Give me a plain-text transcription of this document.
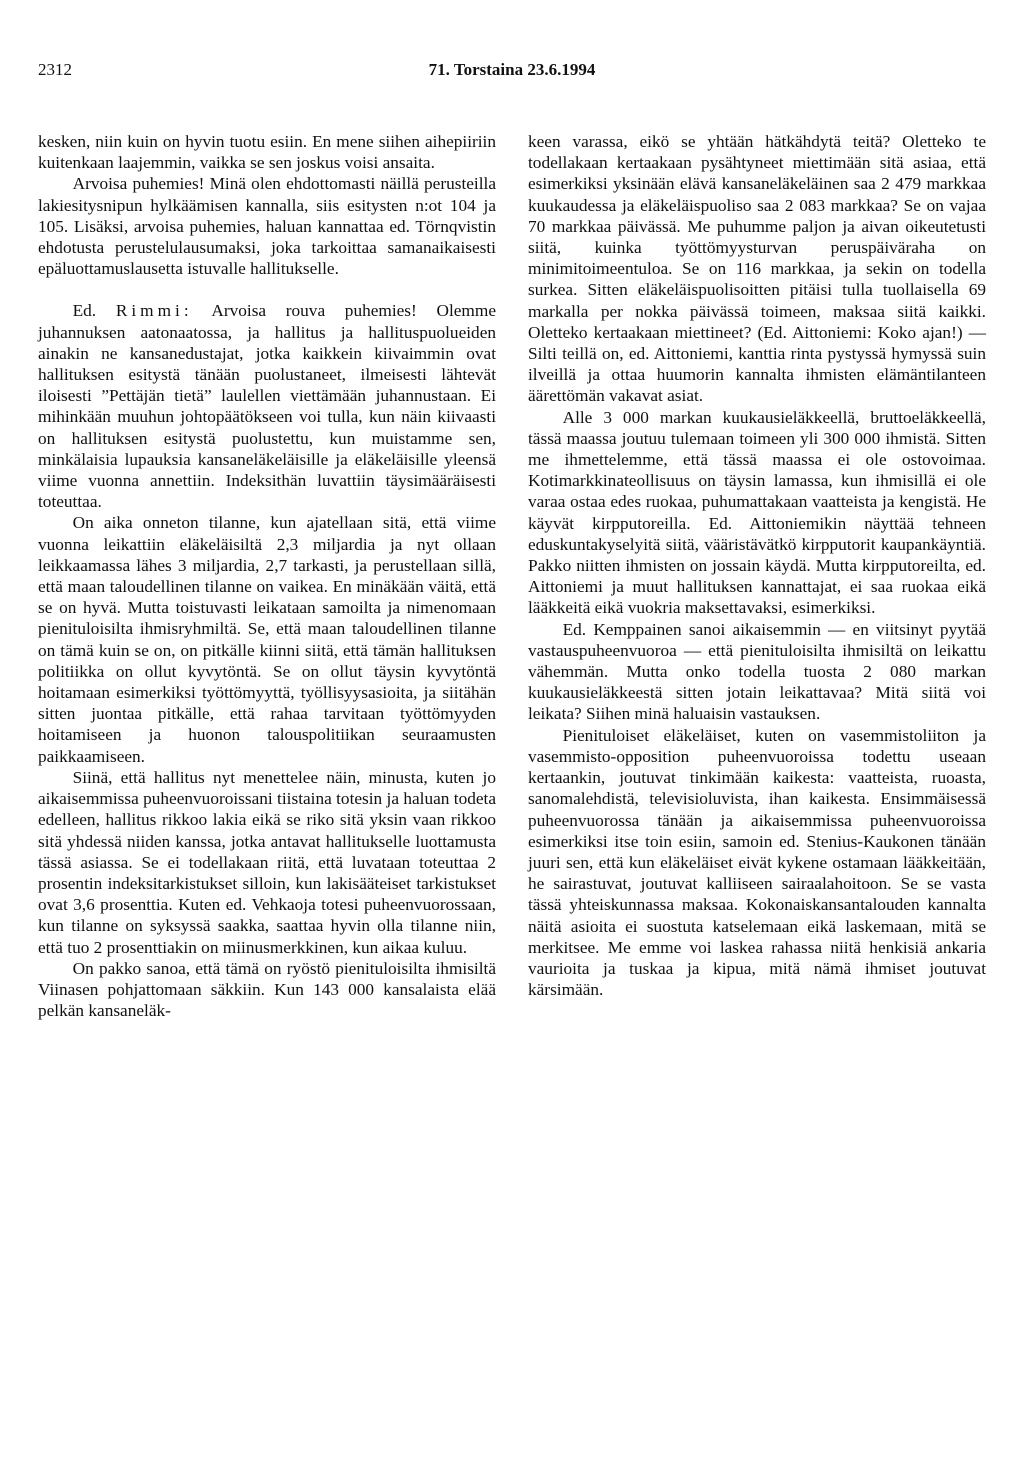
2312	71. Torstaina 23.6.1994

kesken, niin kuin on hyvin tuotu esiin. En mene siihen aihepiiriin kuitenkaan laajemmin, vaikka se sen joskus voisi ansaita.

Arvoisa puhemies! Minä olen ehdottomasti näillä perusteilla lakiesitysnipun hylkäämisen kannalla, siis esitysten n:ot 104 ja 105. Lisäksi, arvoisa puhemies, haluan kannattaa ed. Törnqvistin ehdotusta perustelulausumaksi, joka tarkoittaa samanaikaisesti epäluottamuslausetta istuvalle hallitukselle.

Ed. Rimmi: Arvoisa rouva puhemies! Olemme juhannuksen aatonaatossa, ja hallitus ja hallituspuolueiden ainakin ne kansanedustajat, jotka kaikkein kiivaimmin ovat hallituksen esitystä tänään puolustaneet, ilmeisesti lähtevät iloisesti ”Pettäjän tietä” laulellen viettämään juhannustaan. Ei mihinkään muuhun johtopäätökseen voi tulla, kun näin kiivaasti on hallituksen esitystä puolustettu, kun muistamme sen, minkälaisia lupauksia kansaneläkeläisille ja eläkeläisille yleensä viime vuonna annettiin. Indeksithän luvattiin täysimääräisesti toteuttaa.

On aika onneton tilanne, kun ajatellaan sitä, että viime vuonna leikattiin eläkeläisiltä 2,3 miljardia ja nyt ollaan leikkaamassa lähes 3 miljardia, 2,7 tarkasti, ja perustellaan sillä, että maan taloudellinen tilanne on vaikea. En minäkään väitä, että se on hyvä. Mutta toistuvasti leikataan samoilta ja nimenomaan pienituloisilta ihmisryhmiltä. Se, että maan taloudellinen tilanne on tämä kuin se on, on pitkälle kiinni siitä, että tämän hallituksen politiikka on ollut kyvytöntä. Se on ollut täysin kyvytöntä hoitamaan esimerkiksi työttömyyttä, työllisyysasioita, ja siitähän sitten juontaa pitkälle, että rahaa tarvitaan työttömyyden hoitamiseen ja huonon talouspolitiikan seuraamusten paikkaamiseen.

Siinä, että hallitus nyt menettelee näin, minusta, kuten jo aikaisemmissa puheenvuoroissani tiistaina totesin ja haluan todeta edelleen, hallitus rikkoo lakia eikä se riko sitä yksin vaan rikkoo sitä yhdessä niiden kanssa, jotka antavat hallitukselle luottamusta tässä asiassa. Se ei todellakaan riitä, että luvataan toteuttaa 2 prosentin indeksitarkistukset silloin, kun lakisääteiset tarkistukset ovat 3,6 prosenttia. Kuten ed. Vehkaoja totesi puheenvuorossaan, kun tilanne on syksyssä saakka, saattaa hyvin olla tilanne niin, että tuo 2 prosenttiakin on miinusmerkkinen, kun aikaa kuluu.

On pakko sanoa, että tämä on ryöstö pienituloisilta ihmisiltä Viinasen pohjattomaan säkkiin. Kun 143 000 kansalaista elää pelkän kansaneläk-

keen varassa, eikö se yhtään hätkähdytä teitä? Oletteko te todellakaan kertaakaan pysähtyneet miettimään sitä asiaa, että esimerkiksi yksinään elävä kansaneläkeläinen saa 2 479 markkaa kuukaudessa ja eläkeläispuoliso saa 2 083 markkaa? Se on vajaa 70 markkaa päivässä. Me puhumme paljon ja aivan oikeutetusti siitä, kuinka työttömyysturvan peruspäiväraha on minimitoimeentuloa. Se on 116 markkaa, ja sekin on todella surkea. Sitten eläkeläispuolisoitten pitäisi tulla tuollaisella 69 markalla per nokka päivässä toimeen, maksaa siitä kaikki. Oletteko kertaakaan miettineet? (Ed. Aittoniemi: Koko ajan!) — Silti teillä on, ed. Aittoniemi, kanttia rinta pystyssä hymyssä suin ilveillä ja ottaa huumorin kannalta ihmisten elämäntilanteen äärettömän vakavat asiat.

Alle 3 000 markan kuukausieläkkeellä, bruttoeläkkeellä, tässä maassa joutuu tulemaan toimeen yli 300 000 ihmistä. Sitten me ihmettelemme, että tässä maassa ei ole ostovoimaa. Kotimarkkinateollisuus on täysin lamassa, kun ihmisillä ei ole varaa ostaa edes ruokaa, puhumattakaan vaatteista ja kengistä. He käyvät kirpputoreilla. Ed. Aittoniemikin näyttää tehneen eduskuntakyselyitä siitä, vääristävätkö kirpputorit kaupankäyntiä. Pakko niitten ihmisten on jossain käydä. Mutta kirpputoreilta, ed. Aittoniemi ja muut hallituksen kannattajat, ei saa ruokaa eikä lääkkeitä eikä vuokria maksettavaksi, esimerkiksi.

Ed. Kemppainen sanoi aikaisemmin — en viitsinyt pyytää vastauspuheenvuoroa — että pienituloisilta ihmisiltä on leikattu vähemmän. Mutta onko todella tuosta 2 080 markan kuukausieläkkeestä sitten jotain leikattavaa? Mitä siitä voi leikata? Siihen minä haluaisin vastauksen.

Pienituloiset eläkeläiset, kuten on vasemmistoliiton ja vasemmisto-opposition puheenvuoroissa todettu useaan kertaankin, joutuvat tinkimään kaikesta: vaatteista, ruoasta, sanomalehdistä, televisioluvista, ihan kaikesta. Ensimmäisessä puheenvuorossa tänään ja aikaisemmissa puheenvuoroissa esimerkiksi itse toin esiin, samoin ed. Stenius-Kaukonen tänään juuri sen, että kun eläkeläiset eivät kykene ostamaan lääkkeitään, he sairastuvat, joutuvat kalliiseen sairaalahoitoon. Se se vasta tässä yhteiskunnassa maksaa. Kokonaiskansantalouden kannalta näitä asioita ei suostuta katselemaan eikä laskemaan, mitä se merkitsee. Me emme voi laskea rahassa niitä henkisiä ankaria vaurioita ja tuskaa ja kipua, mitä nämä ihmiset joutuvat kärsimään.
